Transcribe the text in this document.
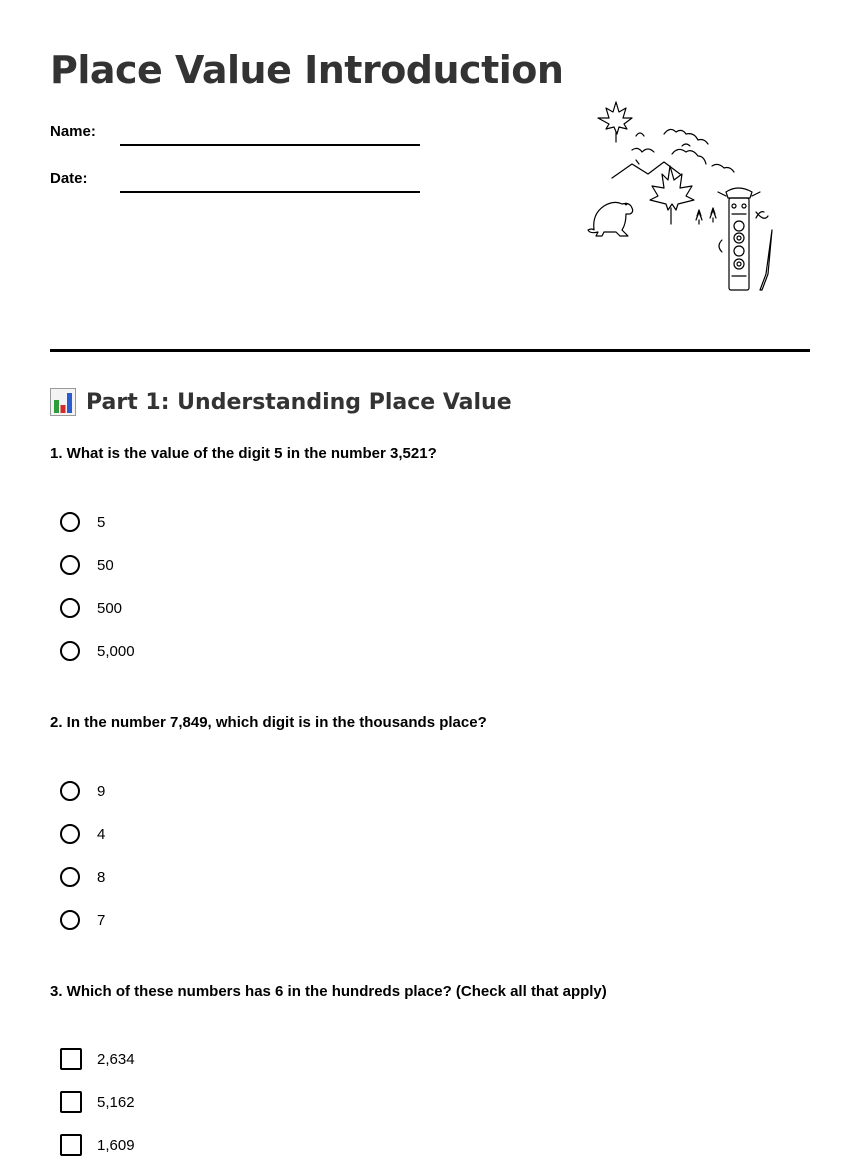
Place Value Introduction
Name:
Date:
Part 1: Understanding Place Value
1. What is the value of the digit 5 in the number 3,521?
5
50
500
5,000
2. In the number 7,849, which digit is in the thousands place?
9
4
8
7
3. Which of these numbers has 6 in the hundreds place? (Check all that apply)
2,634
5,162
1,609
